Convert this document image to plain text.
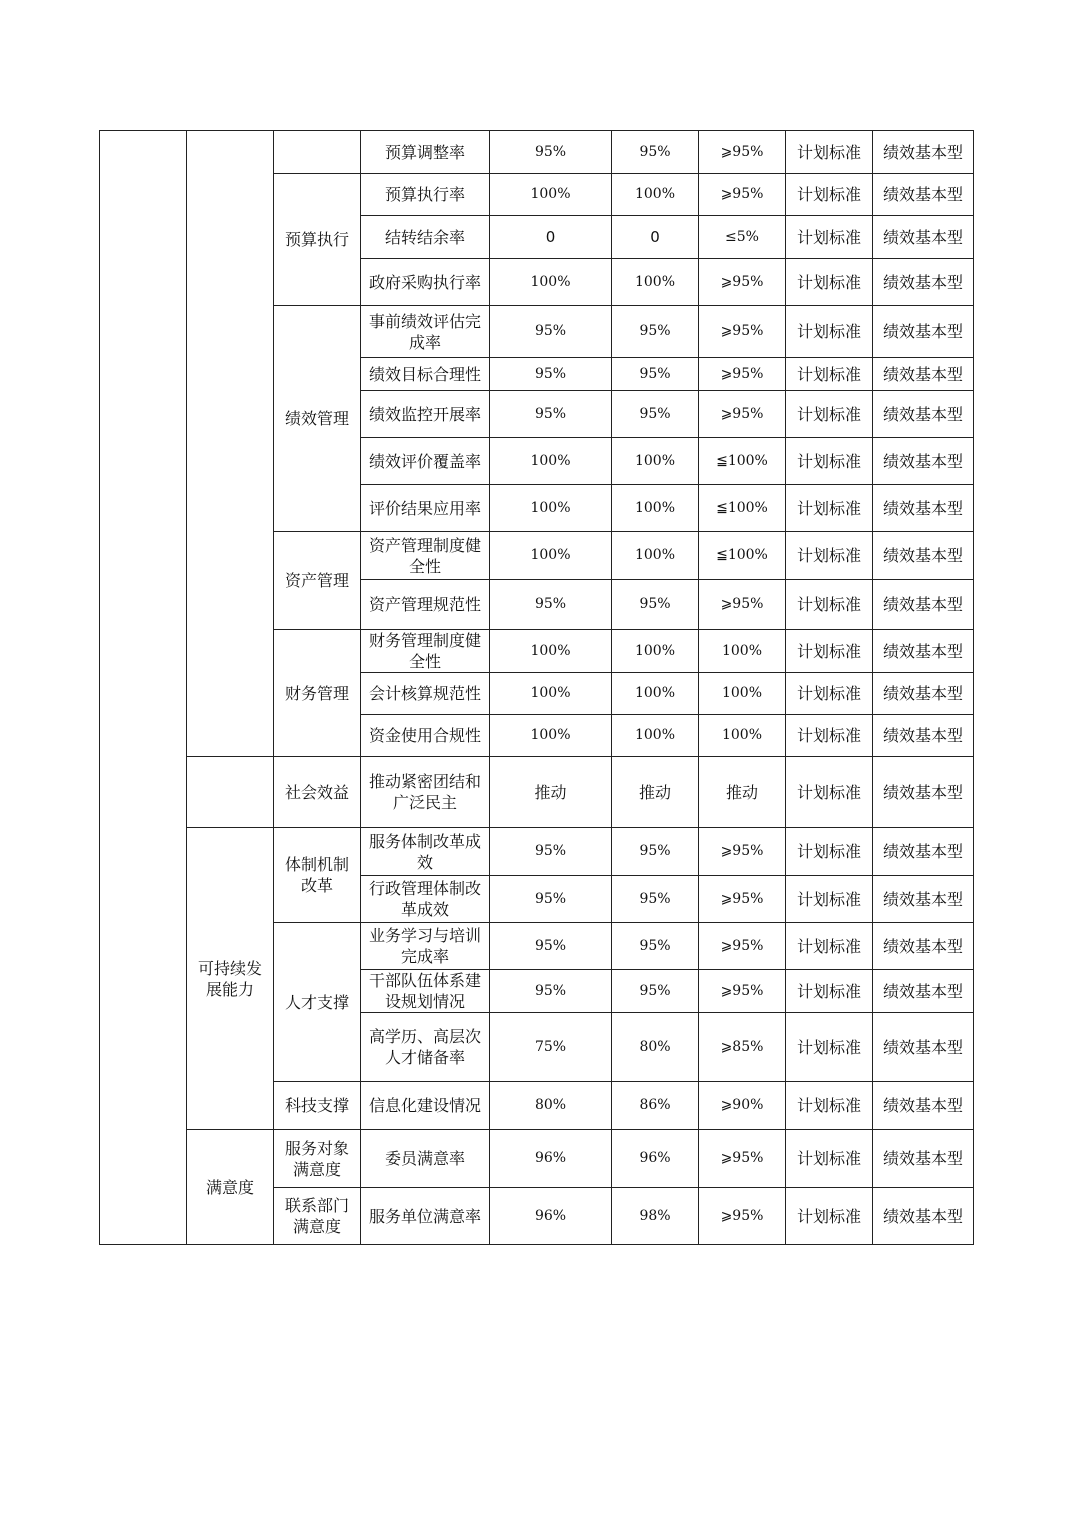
			预算调整率	95%	95%	⩾95%	计划标准	绩效基本型
		预算执行	预算执行率	100%	100%	⩾95%	计划标准	绩效基本型
			结转结余率	0	0	≤5%	计划标准	绩效基本型
			政府采购执行率	100%	100%	⩾95%	计划标准	绩效基本型
		绩效管理	事前绩效评估完成率	95%	95%	⩾95%	计划标准	绩效基本型
			绩效目标合理性	95%	95%	⩾95%	计划标准	绩效基本型
			绩效监控开展率	95%	95%	⩾95%	计划标准	绩效基本型
			绩效评价覆盖率	100%	100%	≦100%	计划标准	绩效基本型
			评价结果应用率	100%	100%	≦100%	计划标准	绩效基本型
		资产管理	资产管理制度健全性	100%	100%	≦100%	计划标准	绩效基本型
			资产管理规范性	95%	95%	⩾95%	计划标准	绩效基本型
		财务管理	财务管理制度健全性	100%	100%	100%	计划标准	绩效基本型
			会计核算规范性	100%	100%	100%	计划标准	绩效基本型
			资金使用合规性	100%	100%	100%	计划标准	绩效基本型
		社会效益	推动紧密团结和广泛民主	推动	推动	推动	计划标准	绩效基本型
	可持续发展能力	体制机制改革	服务体制改革成效	95%	95%	⩾95%	计划标准	绩效基本型
			行政管理体制改革成效	95%	95%	⩾95%	计划标准	绩效基本型
		人才支撑	业务学习与培训完成率	95%	95%	⩾95%	计划标准	绩效基本型
			干部队伍体系建设规划情况	95%	95%	⩾95%	计划标准	绩效基本型
			高学历、高层次人才储备率	75%	80%	⩾85%	计划标准	绩效基本型
		科技支撑	信息化建设情况	80%	86%	⩾90%	计划标准	绩效基本型
	满意度	服务对象满意度	委员满意率	96%	96%	⩾95%	计划标准	绩效基本型
		联系部门满意度	服务单位满意率	96%	98%	⩾95%	计划标准	绩效基本型
